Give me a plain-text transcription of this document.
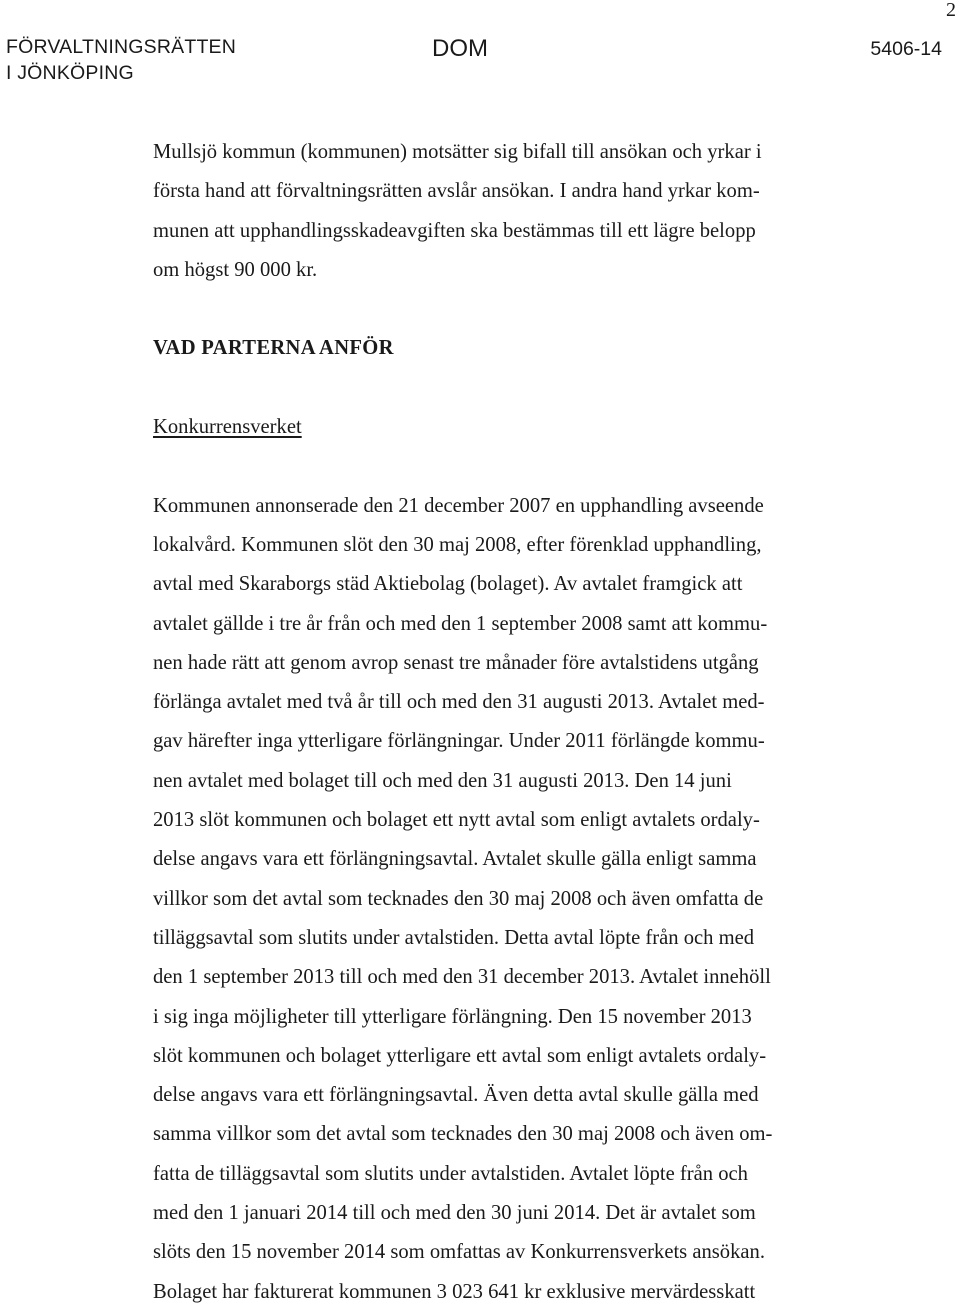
2
FÖRVALTNINGSRÄTTEN
I JÖNKÖPING
DOM	5406-14

Mullsjö kommun (kommunen) motsätter sig bifall till ansökan och yrkar i
första hand att förvaltningsrätten avslår ansökan. I andra hand yrkar kom-
munen att upphandlingsskadeavgiften ska bestämmas till ett lägre belopp
om högst 90 000 kr.

VAD PARTERNA ANFÖR

Konkurrensverket

Kommunen annonserade den 21 december 2007 en upphandling avseende
lokalvård. Kommunen slöt den 30 maj 2008, efter förenklad upphandling,
avtal med Skaraborgs städ Aktiebolag (bolaget). Av avtalet framgick att
avtalet gällde i tre år från och med den 1 september 2008 samt att kommu-
nen hade rätt att genom avrop senast tre månader före avtalstidens utgång
förlänga avtalet med två år till och med den 31 augusti 2013. Avtalet med-
gav härefter inga ytterligare förlängningar. Under 2011 förlängde kommu-
nen avtalet med bolaget till och med den 31 augusti 2013. Den 14 juni
2013 slöt kommunen och bolaget ett nytt avtal som enligt avtalets ordaly-
delse angavs vara ett förlängningsavtal. Avtalet skulle gälla enligt samma
villkor som det avtal som tecknades den 30 maj 2008 och även omfatta de
tilläggsavtal som slutits under avtalstiden. Detta avtal löpte från och med
den 1 september 2013 till och med den 31 december 2013. Avtalet innehöll
i sig inga möjligheter till ytterligare förlängning. Den 15 november 2013
slöt kommunen och bolaget ytterligare ett avtal som enligt avtalets ordaly-
delse angavs vara ett förlängningsavtal. Även detta avtal skulle gälla med
samma villkor som det avtal som tecknades den 30 maj 2008 och även om-
fatta de tilläggsavtal som slutits under avtalstiden. Avtalet löpte från och
med den 1 januari 2014 till och med den 30 juni 2014. Det är avtalet som
slöts den 15 november 2014 som omfattas av Konkurrensverkets ansökan.
Bolaget har fakturerat kommunen 3 023 641 kr exklusive mervärdesskatt
